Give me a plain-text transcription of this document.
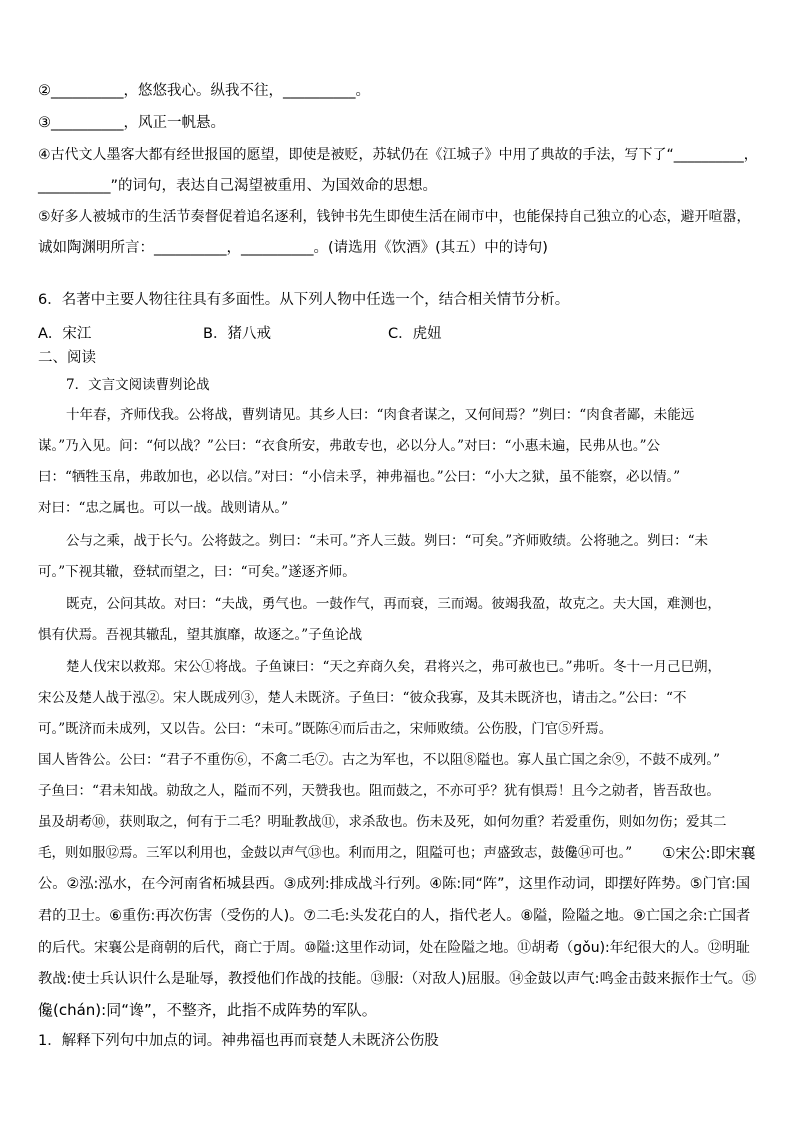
②__________，悠悠我心。纵我不往，__________。
③__________，风正一帆悬。
④古代文人墨客大都有经世报国的愿望，即使是被贬，苏轼仍在《江城子》中用了典故的手法，写下了“__________，
__________”的词句，表达自己渴望被重用、为国效命的思想。
⑤好多人被城市的生活节奏督促着追名逐利，钱钟书先生即使生活在闹市中，也能保持自己独立的心态，避开喧嚣，
诚如陶渊明所言：__________，__________。(请选用《饮酒》(其五）中的诗句)
6．名著中主要人物往往具有多面性。从下列人物中任选一个，结合相关情节分析。
A．宋江	B．猪八戒	C．虎妞
二、阅读
7．文言文阅读曹刿论战
十年春，齐师伐我。公将战，曹刿请见。其乡人曰：“肉食者谋之，又何间焉？”刿曰：“肉食者鄙，未能远
谋。”乃入见。问：“何以战？”公曰：“衣食所安，弗敢专也，必以分人。”对曰：“小惠未遍，民弗从也。”公
曰：“牺牲玉帛，弗敢加也，必以信。”对曰：“小信未孚，神弗福也。”公曰：“小大之狱，虽不能察，必以情。”
对曰：“忠之属也。可以一战。战则请从。”
公与之乘，战于长勺。公将鼓之。刿曰：“未可。”齐人三鼓。刿曰：“可矣。”齐师败绩。公将驰之。刿曰：“未
可。”下视其辙，登轼而望之，曰：“可矣。”遂逐齐师。
既克，公问其故。对曰：“夫战，勇气也。一鼓作气，再而衰，三而竭。彼竭我盈，故克之。夫大国，难测也，
惧有伏焉。吾视其辙乱，望其旗靡，故逐之。”子鱼论战
楚人伐宋以救郑。宋公①将战。子鱼谏曰：“天之弃商久矣，君将兴之，弗可赦也已。”弗听。冬十一月己巳朔，
宋公及楚人战于泓②。宋人既成列③，楚人未既济。子鱼曰：“彼众我寡，及其未既济也，请击之。”公曰：“不
可。”既济而未成列，又以告。公曰：“未可。”既陈④而后击之，宋师败绩。公伤股，门官⑤歼焉。
国人皆咎公。公曰：“君子不重伤⑥，不禽二毛⑦。古之为军也，不以阻⑧隘也。寡人虽亡国之余⑨，不鼓不成列。”
子鱼曰：“君未知战。勍敌之人，隘而不列，天赞我也。阻而鼓之，不亦可乎？犹有惧焉！且今之勍者，皆吾敌也。
虽及胡耇⑩，获则取之，何有于二毛？明耻教战⑪，求杀敌也。伤未及死，如何勿重？若爱重伤，则如勿伤；爱其二
毛，则如服⑫焉。三军以利用也，金鼓以声气⑬也。利而用之，阻隘可也；声盛致志，鼓儳⑭可也。” ①宋公:即宋襄
公。②泓:泓水，在今河南省柘城县西。③成列:排成战斗行列。④陈:同“阵”，这里作动词，即摆好阵势。⑤门官:国
君的卫士。⑥重伤:再次伤害（受伤的人)。⑦二毛:头发花白的人，指代老人。⑧隘，险隘之地。⑨亡国之余:亡国者
的后代。宋襄公是商朝的后代，商亡于周。⑩隘:这里作动词，处在险隘之地。⑪胡耇（gǒu):年纪很大的人。⑫明耻
教战:使士兵认识什么是耻辱，教授他们作战的技能。⑬服:（对敌人)屈服。⑭金鼓以声气:鸣金击鼓来振作士气。⑮
儳(chán):同“谗”，不整齐，此指不成阵势的军队。
1．解释下列句中加点的词。神弗福也再而衰楚人未既济公伤股
